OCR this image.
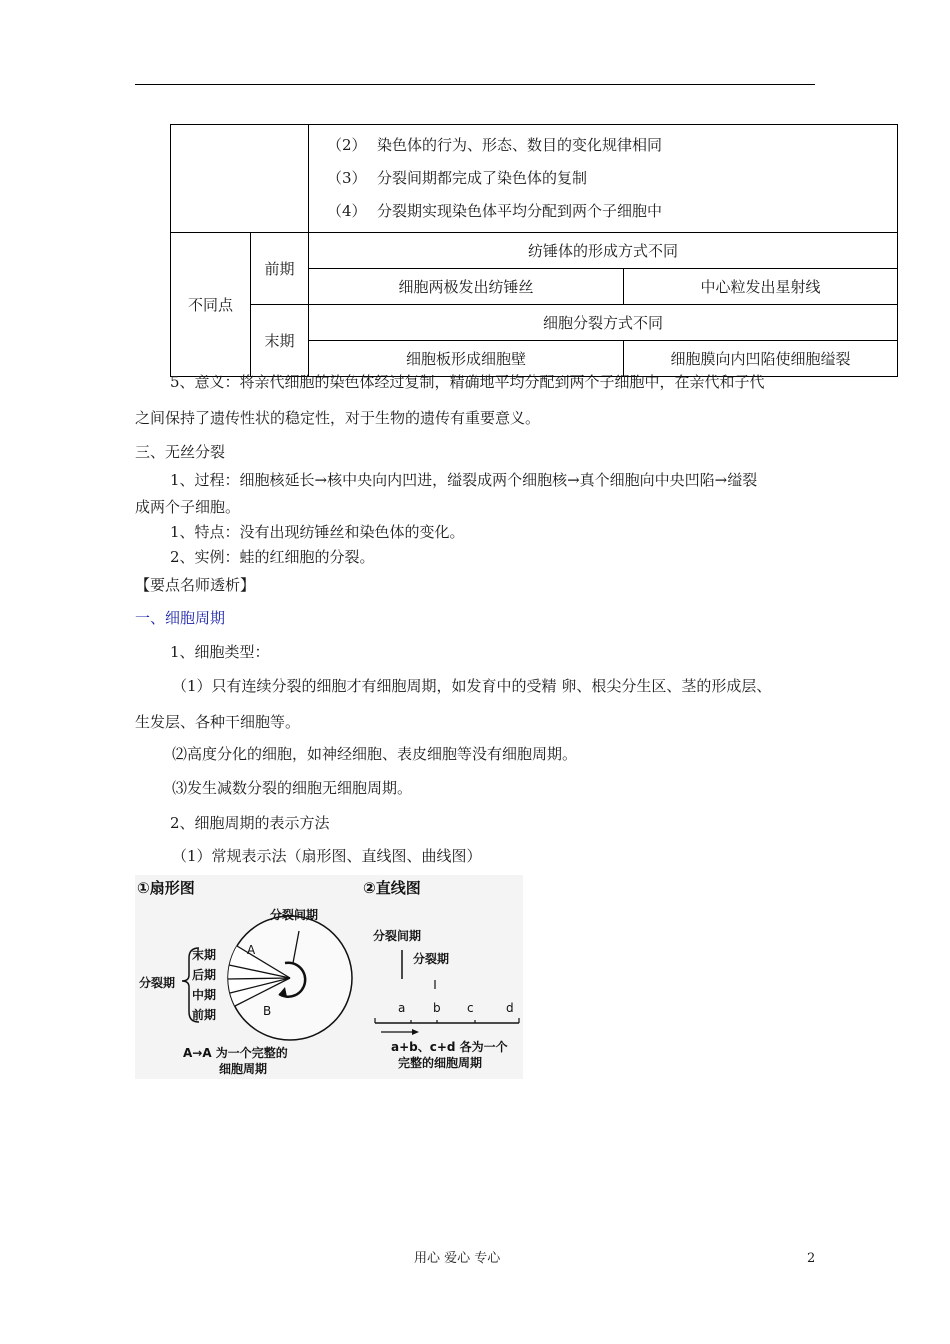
		（2） 染色体的行为、形态、数目的变化规律相同
（3） 分裂间期都完成了染色体的复制
（4） 分裂期实现染色体平均分配到两个子细胞中	

不同点	前期	纺锤体的形成方式不同	
		细胞两极发出纺锤丝	中心粒发出星射线
	末期	细胞分裂方式不同	
		细胞板形成细胞壁	细胞膜向内凹陷使细胞缢裂
5、意义：将亲代细胞的染色体经过复制，精确地平均分配到两个子细胞中，在亲代和子代
之间保持了遗传性状的稳定性，对于生物的遗传有重要意义。
三、无丝分裂
1、过程：细胞核延长→核中央向内凹进，缢裂成两个细胞核→真个细胞向中央凹陷→缢裂
成两个子细胞。
1、特点：没有出现纺锤丝和染色体的变化。
2、实例：蛙的红细胞的分裂。
【要点名师透析】
一、细胞周期
1、细胞类型：
（1）只有连续分裂的细胞才有细胞周期，如发育中的受精 卵、根尖分生区、茎的形成层、
生发层、各种干细胞等。
⑵高度分化的细胞，如神经细胞、表皮细胞等没有细胞周期。
⑶发生减数分裂的细胞无细胞周期。
2、细胞周期的表示方法
（1）常规表示法（扇形图、直线图、曲线图）
①扇形图
分裂间期
A
B
末期
后期
中期
前期
分裂期
A→A 为一个完整的
细胞周期
②直线图
分裂间期
分裂期
a b c	d
a+b、c+d 各为一个
完整的细胞周期
用心 爱心 专心	2
